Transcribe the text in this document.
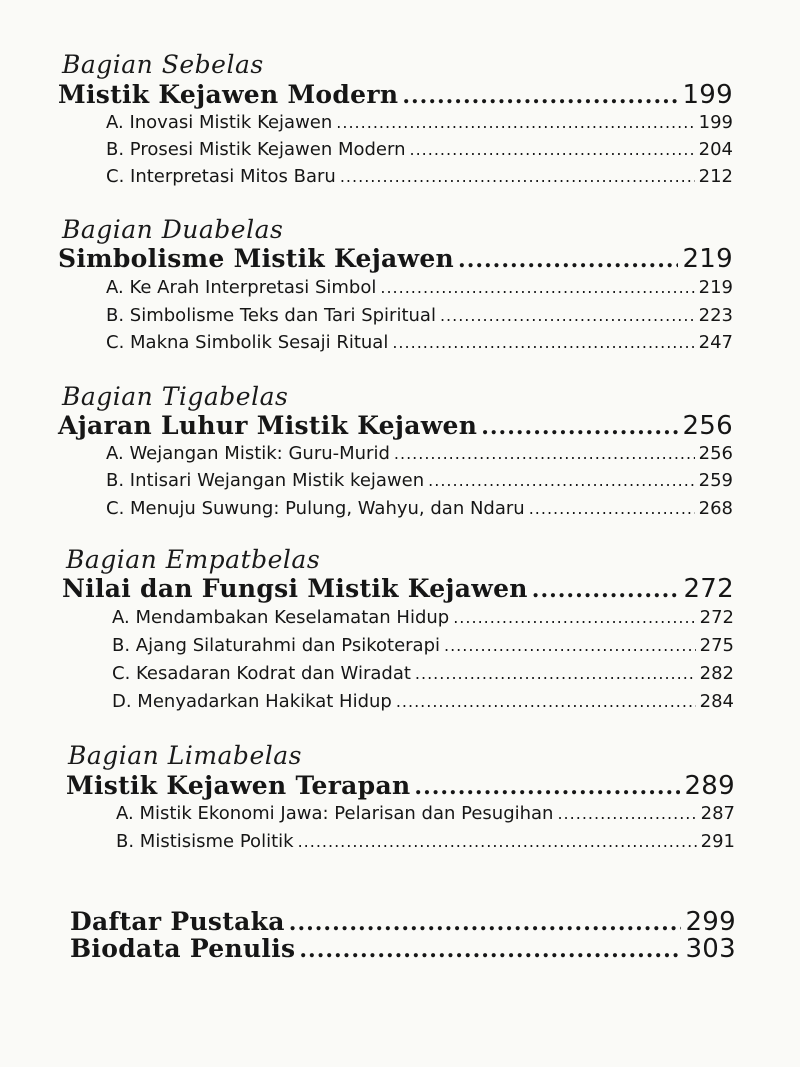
Bagian Sebelas
Mistik Kejawen Modern .....	199
A. Inovasi Mistik Kejawen .....	199
B. Prosesi Mistik Kejawen Modern .....	204
C. Interpretasi Mitos Baru .....	212
Bagian Duabelas
Simbolisme Mistik Kejawen .....	219
A. Ke Arah Interpretasi Simbol .....	219
B. Simbolisme Teks dan Tari Spiritual .....	223
C. Makna Simbolik Sesaji Ritual .....	247
Bagian Tigabelas
Ajaran Luhur Mistik Kejawen .....	256
A. Wejangan Mistik: Guru-Murid .....	256
B. Intisari Wejangan Mistik kejawen .....	259
C. Menuju Suwung: Pulung, Wahyu, dan Ndaru .....	268
Bagian Empatbelas
Nilai dan Fungsi Mistik Kejawen .....	272
A. Mendambakan Keselamatan Hidup .....	272
B. Ajang Silaturahmi dan Psikoterapi .....	275
C. Kesadaran Kodrat dan Wiradat .....	282
D. Menyadarkan Hakikat Hidup .....	284
Bagian Limabelas
Mistik Kejawen Terapan .....	289
A. Mistik Ekonomi Jawa: Pelarisan dan Pesugihan .....	287
B. Mistisisme Politik .....	291
Daftar Pustaka .....	299
Biodata Penulis .....	303
